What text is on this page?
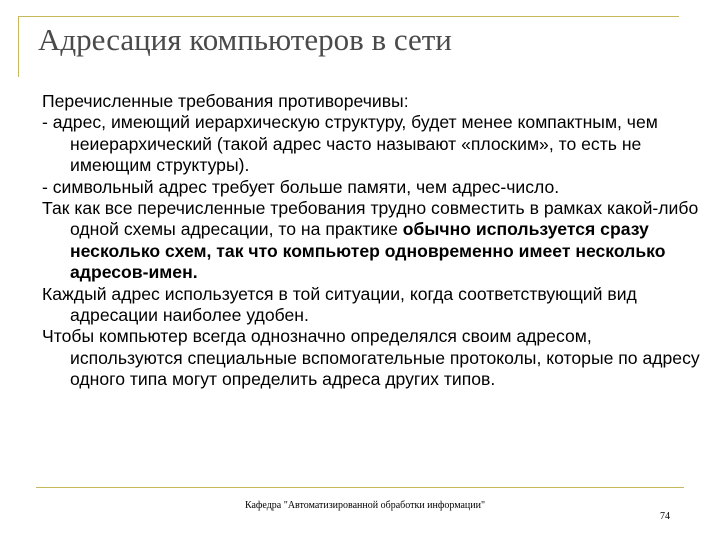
Адресация компьютеров в сети

Перечисленные требования противоречивы:

- адрес, имеющий иерархическую структуру, будет менее компактным, чем неиерархический (такой адрес часто называют «плоским», то есть не имеющим структуры).

- символьный адрес требует больше памяти, чем адрес-число.

Так как все перечисленные требования трудно совместить в рамках какой-либо одной схемы адресации, то на практике обычно используется сразу несколько схем, так что компьютер одновременно имеет несколько адресов-имен.

Каждый адрес используется в той ситуации, когда соответствующий вид адресации наиболее удобен.

Чтобы компьютер всегда однозначно определялся своим адресом, используются специальные вспомогательные протоколы, которые по адресу одного типа могут определить адреса других типов.

Кафедра "Автоматизированной обработки информации"
74
